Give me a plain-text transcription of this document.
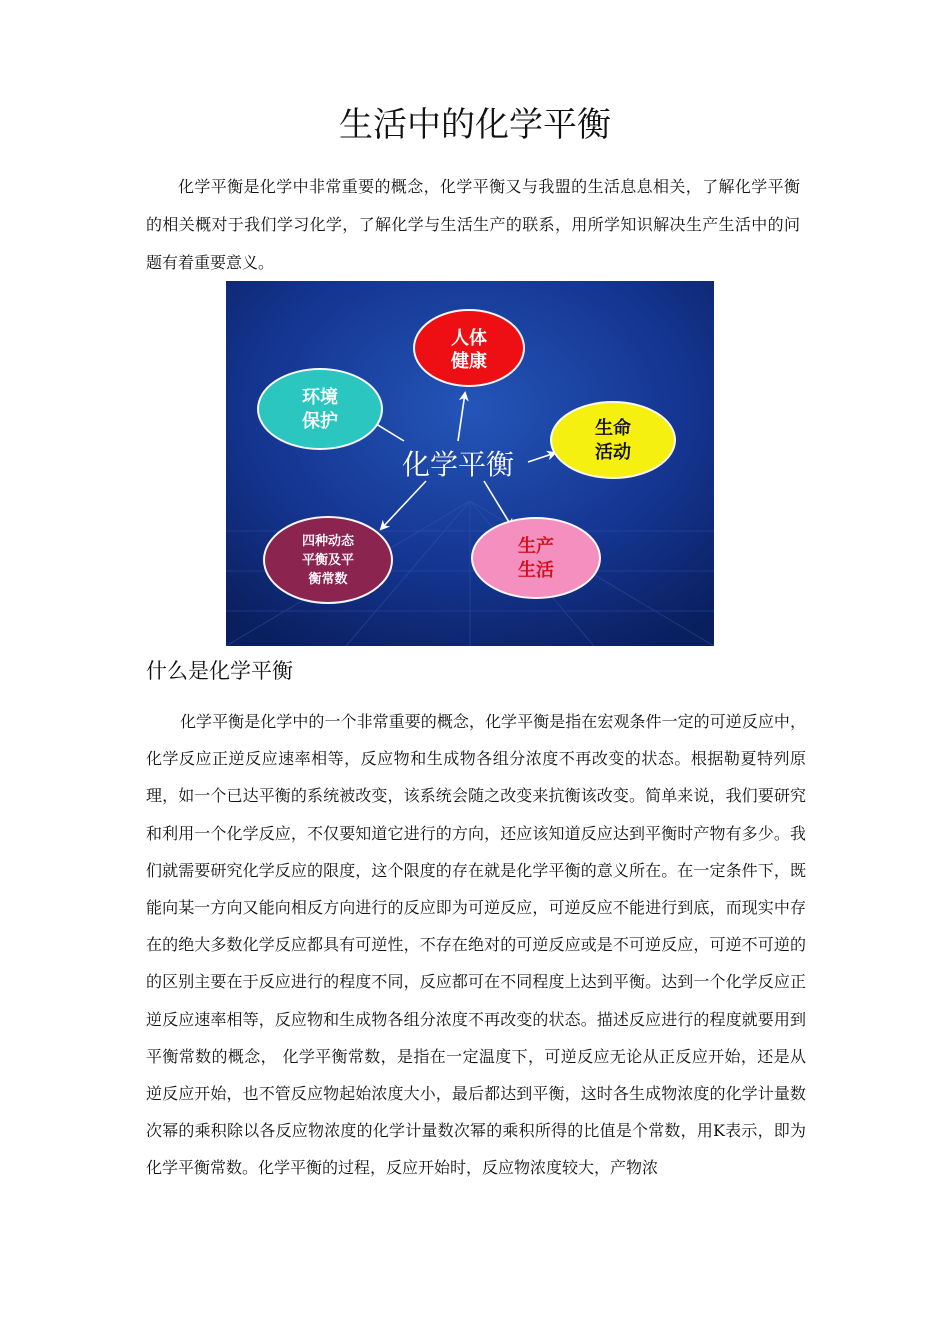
生活中的化学平衡

化学平衡是化学中非常重要的概念，化学平衡又与我盟的生活息息相关，了解化学平衡的相关概对于我们学习化学，了解化学与生活生产的联系，用所学知识解决生产生活中的问题有着重要意义。

人体
健康
环境
保护	生命
活动
四种动态
平衡及平
衡常数
生产
生活
化学平衡
什么是化学平衡

化学平衡是化学中的一个非常重要的概念，化学平衡是指在宏观条件一定的可逆反应中，化学反应正逆反应速率相等，反应物和生成物各组分浓度不再改变的状态。根据勒夏特列原理，如一个已达平衡的系统被改变，该系统会随之改变来抗衡该改变。简单来说，我们要研究和利用一个化学反应，不仅要知道它进行的方向，还应该知道反应达到平衡时产物有多少。我们就需要研究化学反应的限度，这个限度的存在就是化学平衡的意义所在。在一定条件下，既能向某一方向又能向相反方向进行的反应即为可逆反应，可逆反应不能进行到底，而现实中存在的绝大多数化学反应都具有可逆性，不存在绝对的可逆反应或是不可逆反应，可逆不可逆的的区别主要在于反应进行的程度不同，反应都可在不同程度上达到平衡。达到一个化学反应正逆反应速率相等，反应物和生成物各组分浓度不再改变的状态。描述反应进行的程度就要用到平衡常数的概念， 化学平衡常数，是指在一定温度下，可逆反应无论从正反应开始，还是从逆反应开始，也不管反应物起始浓度大小，最后都达到平衡，这时各生成物浓度的化学计量数次幂的乘积除以各反应物浓度的化学计量数次幂的乘积所得的比值是个常数，用K表示，即为化学平衡常数。化学平衡的过程，反应开始时，反应物浓度较大，产物浓
